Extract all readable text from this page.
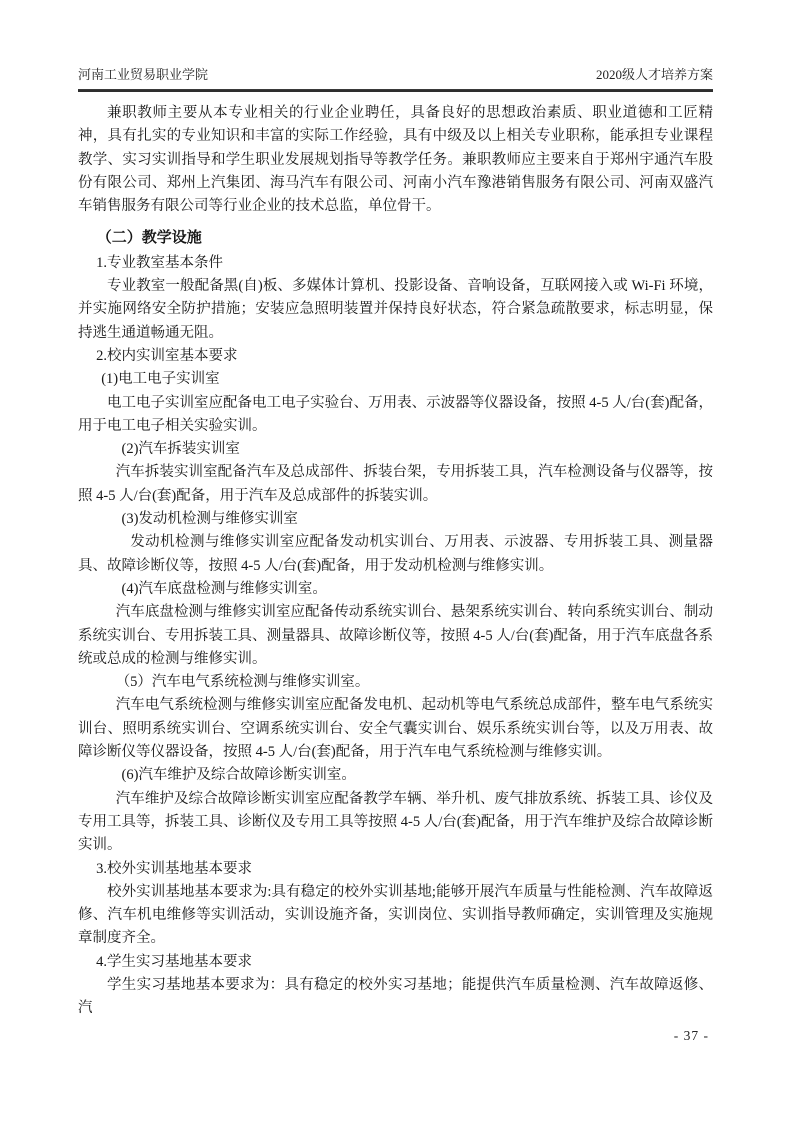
河南工业贸易职业学院	2020级人才培养方案

兼职教师主要从本专业相关的行业企业聘任，具备良好的思想政治素质、职业道德和工匠精神，具有扎实的专业知识和丰富的实际工作经验，具有中级及以上相关专业职称，能承担专业课程教学、实习实训指导和学生职业发展规划指导等教学任务。兼职教师应主要来自于郑州宇通汽车股份有限公司、郑州上汽集团、海马汽车有限公司、河南小汽车豫港销售服务有限公司、河南双盛汽车销售服务有限公司等行业企业的技术总监，单位骨干。

（二）教学设施

1.专业教室基本条件

专业教室一般配备黑(自)板、多媒体计算机、投影设备、音响设备，互联网接入或 Wi-Fi 环境，并实施网络安全防护措施；安装应急照明装置并保持良好状态，符合紧急疏散要求，标志明显，保持逃生通道畅通无阻。

2.校内实训室基本要求

(1)电工电子实训室

电工电子实训室应配备电工电子实验台、万用表、示波器等仪器设备，按照 4-5 人/台(套)配备，用于电工电子相关实验实训。

(2)汽车拆装实训室

汽车拆装实训室配备汽车及总成部件、拆装台架，专用拆装工具，汽车检测设备与仪器等，按照 4-5 人/台(套)配备，用于汽车及总成部件的拆装实训。

(3)发动机检测与维修实训室

发动机检测与维修实训室应配备发动机实训台、万用表、示波器、专用拆装工具、测量器具、故障诊断仪等，按照 4-5 人/台(套)配备，用于发动机检测与维修实训。

(4)汽车底盘检测与维修实训室。

汽车底盘检测与维修实训室应配备传动系统实训台、悬架系统实训台、转向系统实训台、制动系统实训台、专用拆装工具、测量器具、故障诊断仪等，按照 4-5 人/台(套)配备，用于汽车底盘各系统或总成的检测与维修实训。

（5）汽车电气系统检测与维修实训室。

汽车电气系统检测与维修实训室应配备发电机、起动机等电气系统总成部件，整车电气系统实训台、照明系统实训台、空调系统实训台、安全气囊实训台、娱乐系统实训台等，以及万用表、故障诊断仪等仪器设备，按照 4-5 人/台(套)配备，用于汽车电气系统检测与维修实训。

(6)汽车维护及综合故障诊断实训室。

汽车维护及综合故障诊断实训室应配备教学车辆、举升机、废气排放系统、拆装工具、诊仪及专用工具等，拆装工具、诊断仪及专用工具等按照 4-5 人/台(套)配备，用于汽车维护及综合故障诊断实训。

3.校外实训基地基本要求

校外实训基地基本要求为:具有稳定的校外实训基地;能够开展汽车质量与性能检测、汽车故障返修、汽车机电维修等实训活动，实训设施齐备，实训岗位、实训指导教师确定，实训管理及实施规章制度齐全。

4.学生实习基地基本要求

学生实习基地基本要求为：具有稳定的校外实习基地；能提供汽车质量检测、汽车故障返修、汽

- 37 -
